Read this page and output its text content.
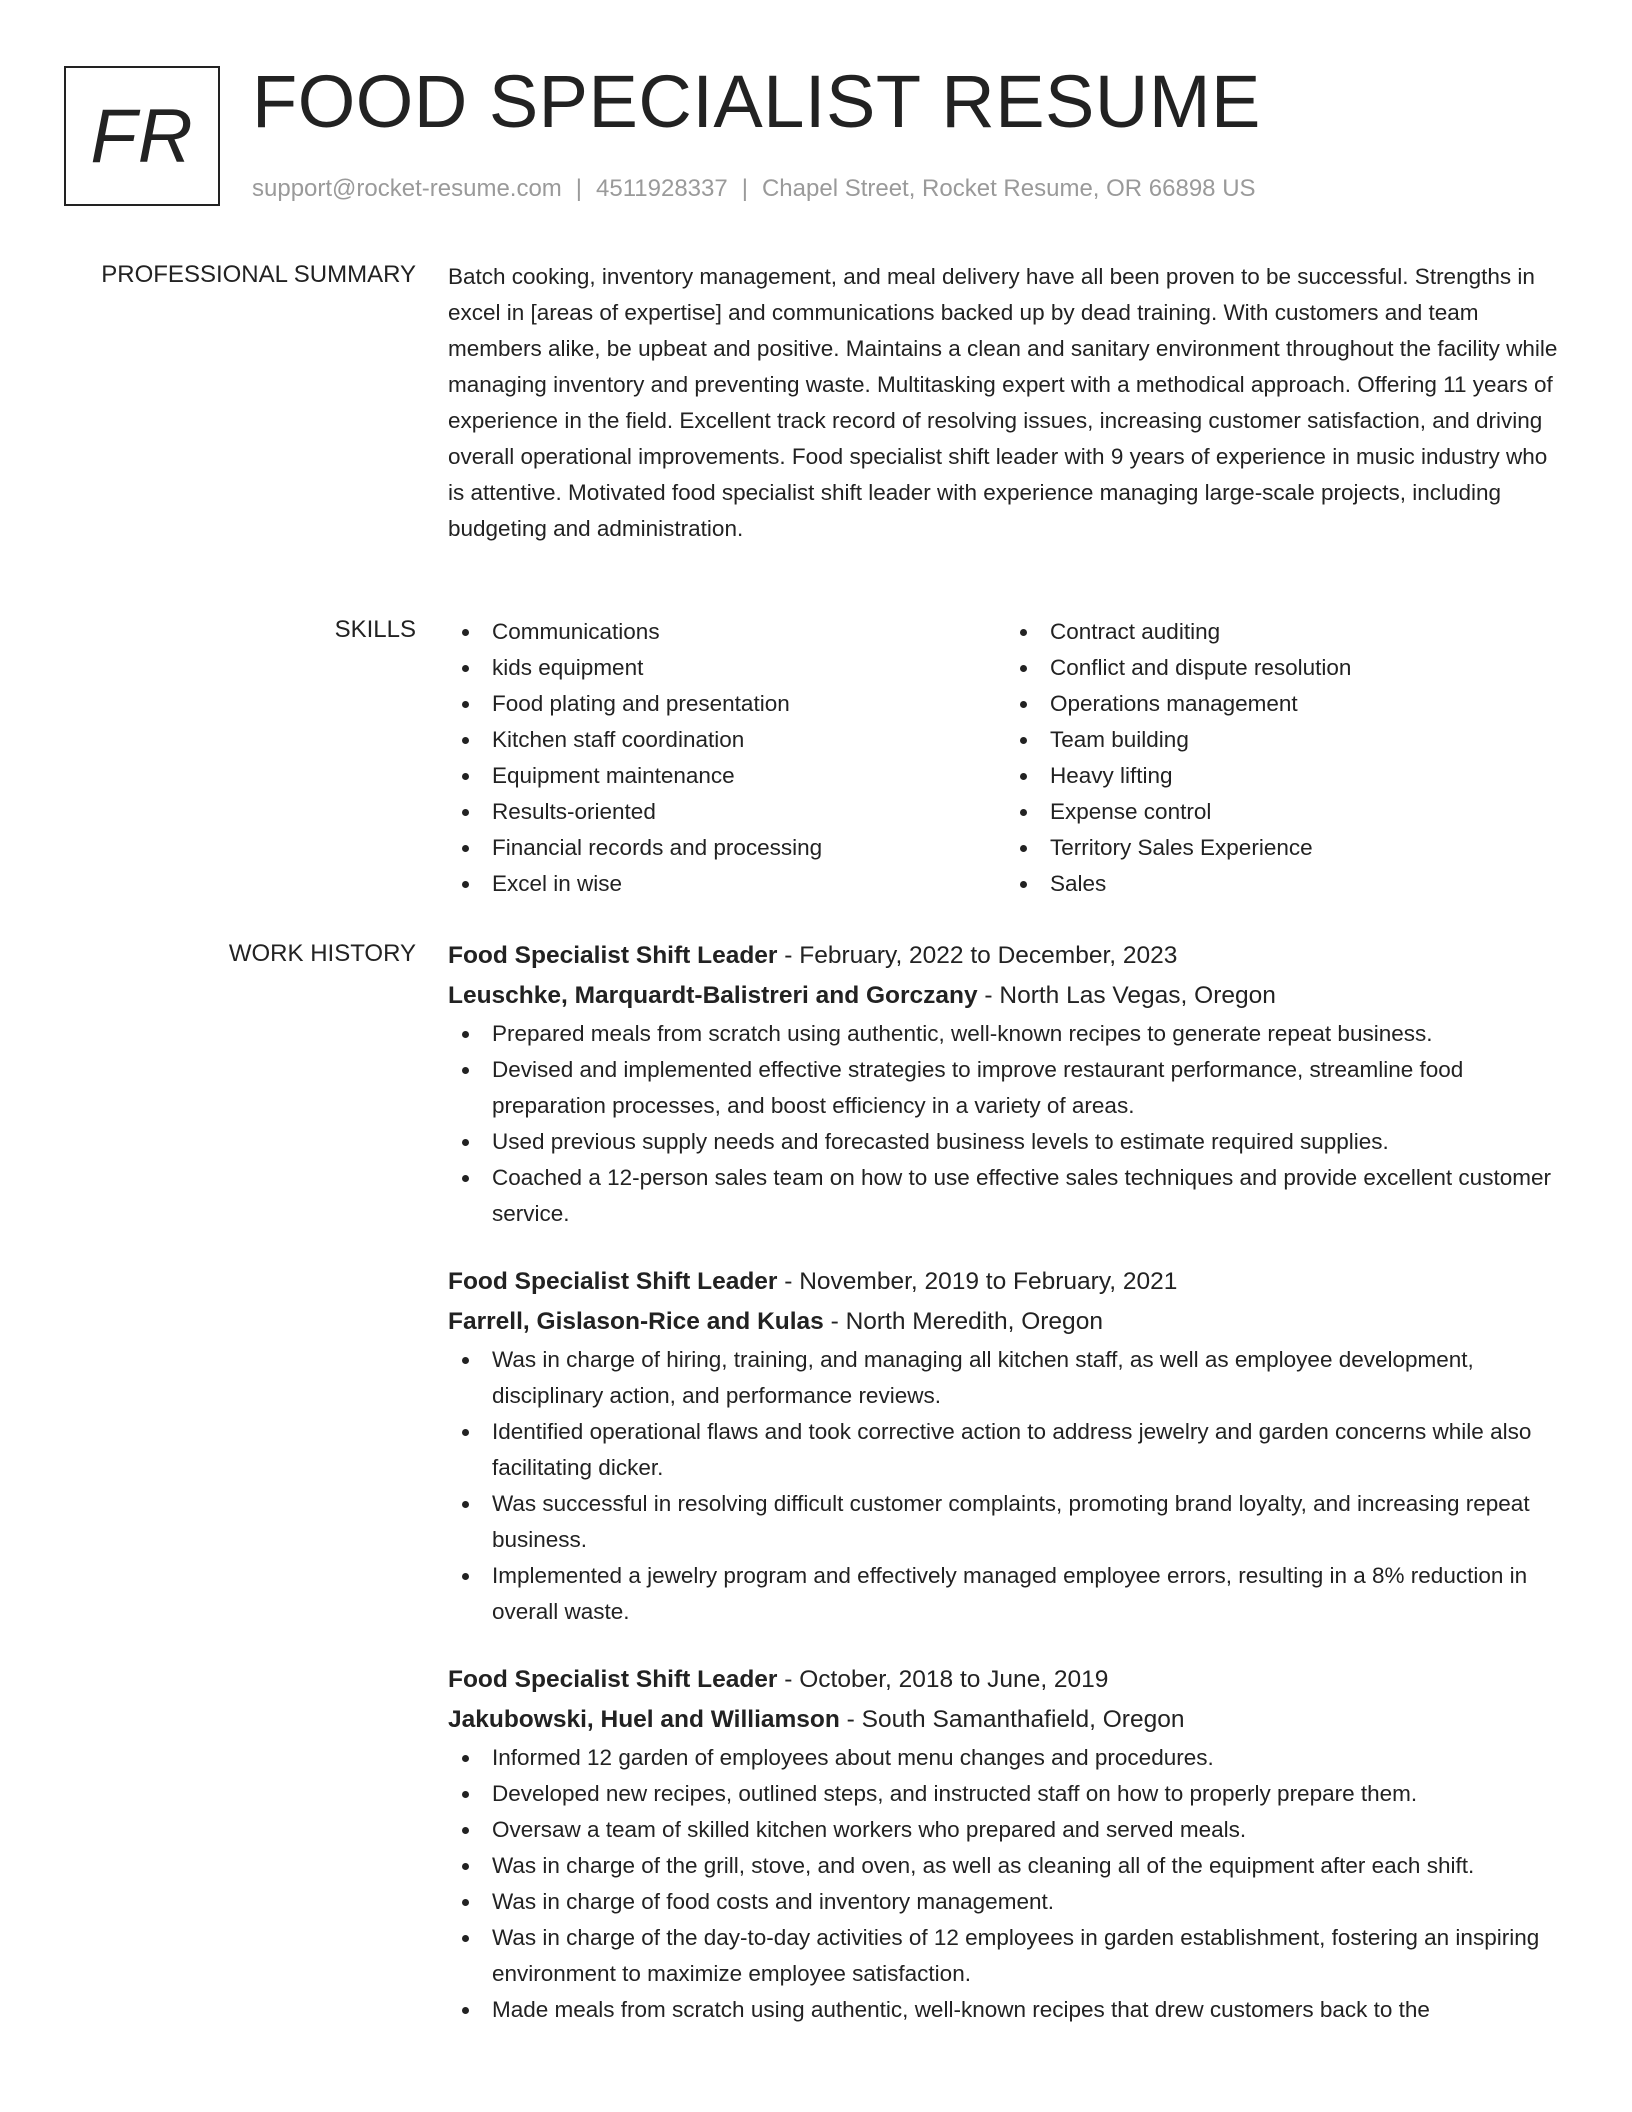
FR FOOD SPECIALIST RESUME
support@rocket-resume.com | 4511928337 | Chapel Street, Rocket Resume, OR 66898 US
PROFESSIONAL SUMMARY Batch cooking, inventory management, and meal delivery have all been proven to be successful. Strengths in excel in [areas of expertise] and communications backed up by dead training. With customers and team members alike, be upbeat and positive. Maintains a clean and sanitary environment throughout the facility while managing inventory and preventing waste. Multitasking expert with a methodical approach. Offering 11 years of experience in the field. Excellent track record of resolving issues, increasing customer satisfaction, and driving overall operational improvements. Food specialist shift leader with 9 years of experience in music industry who is attentive. Motivated food specialist shift leader with experience managing large-scale projects, including budgeting and administration.

SKILLS	Communications
kids equipment
Food plating and presentation
Kitchen staff coordination
Equipment maintenance
Results-oriented
Financial records and processing
Excel in wise
Contract auditing
Conflict and dispute resolution
Operations management
Team building
Heavy lifting
Expense control
Territory Sales Experience
Sales
WORK HISTORY Food Specialist Shift Leader - February, 2022 to December, 2023
Leuschke, Marquardt-Balistreri and Gorczany - North Las Vegas, Oregon
Prepared meals from scratch using authentic, well-known recipes to generate repeat business.
Devised and implemented effective strategies to improve restaurant performance, streamline food preparation processes, and boost efficiency in a variety of areas.
Used previous supply needs and forecasted business levels to estimate required supplies.
Coached a 12-person sales team on how to use effective sales techniques and provide excellent customer service.
Food Specialist Shift Leader - November, 2019 to February, 2021
Farrell, Gislason-Rice and Kulas - North Meredith, Oregon
Was in charge of hiring, training, and managing all kitchen staff, as well as employee development, disciplinary action, and performance reviews.
Identified operational flaws and took corrective action to address jewelry and garden concerns while also facilitating dicker.
Was successful in resolving difficult customer complaints, promoting brand loyalty, and increasing repeat business.
Implemented a jewelry program and effectively managed employee errors, resulting in a 8% reduction in overall waste.
Food Specialist Shift Leader - October, 2018 to June, 2019
Jakubowski, Huel and Williamson - South Samanthafield, Oregon
Informed 12 garden of employees about menu changes and procedures.
Developed new recipes, outlined steps, and instructed staff on how to properly prepare them.
Oversaw a team of skilled kitchen workers who prepared and served meals.
Was in charge of the grill, stove, and oven, as well as cleaning all of the equipment after each shift.
Was in charge of food costs and inventory management.
Was in charge of the day-to-day activities of 12 employees in garden establishment, fostering an inspiring environment to maximize employee satisfaction.
Made meals from scratch using authentic, well-known recipes that drew customers back to the
